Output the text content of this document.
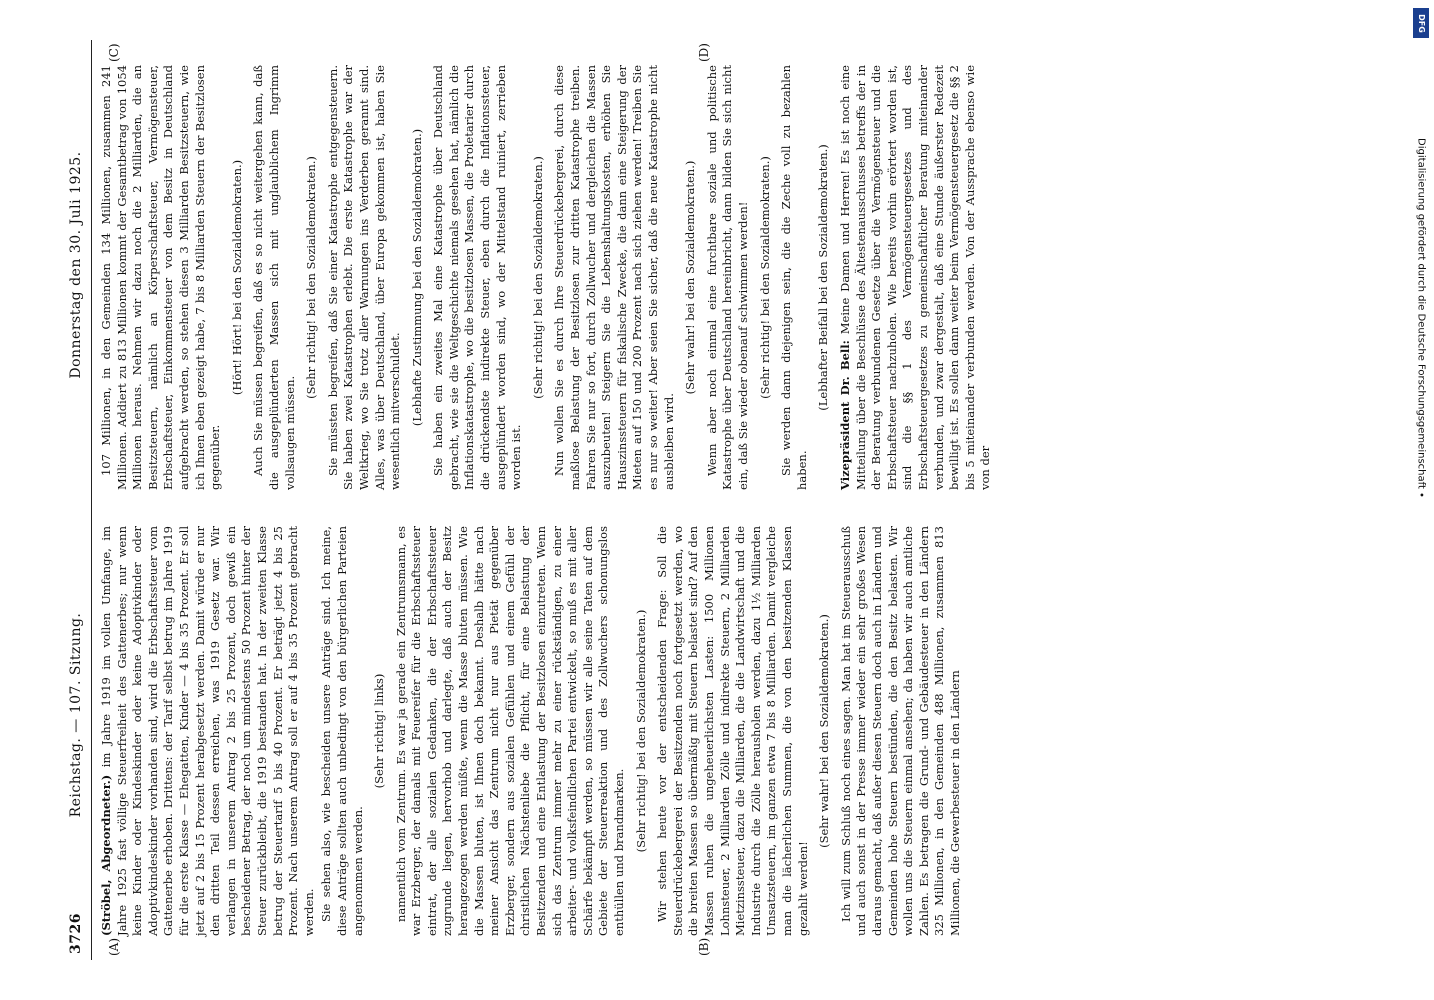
3726
Reichstag. — 107. Sitzung.
Donnerstag den 30. Juli 1925.
(A)	(B)
(C)	(D)

(Ströbel, Abgeordneter.) im Jahre 1919 im vollen Umfange, im Jahre 1925 fast völlige Steuerfreiheit des Gattenerbes; nur wenn keine Kinder oder Kindeskinder oder keine Adoptivkinder oder Adoptivkindeskinder vorhanden sind, wird die Erbschaftssteuer vom Gattenerbe erhoben. Drittens: der Tarif selbst betrug im Jahre 1919 für die erste Klasse — Ehegatten, Kinder — 4 bis 35 Prozent. Er soll jetzt auf 2 bis 15 Prozent herabgesetzt werden. Damit würde er nur den dritten Teil dessen erreichen, was 1919 Gesetz war. Wir verlangen in unserem Antrag 2 bis 25 Prozent, doch gewiß ein bescheidener Betrag, der noch um mindestens 50 Prozent hinter der Steuer zurückbleibt, die 1919 bestanden hat. In der zweiten Klasse betrug der Steuertarif 5 bis 40 Prozent. Er beträgt jetzt 4 bis 25 Prozent. Nach unserem Antrag soll er auf 4 bis 35 Prozent gebracht werden. Sie sehen also, wie bescheiden unsere Anträge sind. Ich meine, diese Anträge sollten auch unbedingt von den bürgerlichen Parteien angenommen werden.

(Sehr richtig! links) namentlich vom Zentrum. Es war ja gerade ein Zentrumsmann, es war Erzberger, der damals mit Feuereifer für die Erbschaftssteuer eintrat, der alle sozialen Gedanken, die der Erbschaftssteuer zugrunde liegen, hervorhob und darlegte, daß auch der Besitz herangezogen werden müßte, wenn die Masse bluten müssen. Wie die Massen bluten, ist Ihnen doch bekannt. Deshalb hätte nach meiner Ansicht das Zentrum nicht nur aus Pietät gegenüber Erzberger, sondern aus sozialen Gefühlen und einem Gefühl der christlichen Nächstenliebe die Pflicht, für eine Belastung der Besitzenden und eine Entlastung der Besitzlosen einzutreten. Wenn sich das Zentrum immer mehr zu einer rückständigen, zu einer arbeiter- und volksfeindlichen Partei entwickelt, so muß es mit aller Schärfe bekämpft werden, so müssen wir alle seine Taten auf dem Gebiete der Steuerreaktion und des Zollwuchers schonungslos enthüllen und brandmarken. (Sehr richtig! bei den Sozialdemokraten.) Wir stehen heute vor der entscheidenden Frage: Soll die Steuerdrückebergerei der Besitzenden noch fortgesetzt werden, wo die breiten Massen so übermäßig mit Steuern belastet sind? Auf den Massen ruhen die ungeheuerlichsten Lasten: 1500 Millionen Lohnsteuer, 2 Milliarden Zölle und indirekte Steuern, 2 Milliarden Mietzinssteuer, dazu die Milliarden, die die Landwirtschaft und die Industrie durch die Zölle herausholen werden, dazu 1½ Milliarden Umsatzsteuern, im ganzen etwa 7 bis 8 Milliarden. Damit vergleiche man die lächerlichen Summen, die von den besitzenden Klassen gezahlt werden!

(Sehr wahr! bei den Sozialdemokraten.) Ich will zum Schluß noch eines sagen. Man hat im Steuerausschuß und auch sonst in der Presse immer wieder ein sehr großes Wesen daraus gemacht, daß außer diesen Steuern doch auch in Ländern und Gemeinden hohe Steuern bestünden, die den Besitz belasten. Wir wollen uns die Steuern einmal ansehen; da haben wir auch amtliche Zahlen. Es betragen die Grund- und Gebäudesteuer in den Ländern 325 Millionen, in den Gemeinden 488 Millionen, zusammen 813 Millionen, die Gewerbesteuer in den Ländern

107 Millionen, in den Gemeinden 134 Millionen, zusammen 241 Millionen. Addiert zu 813 Millionen kommt der Gesamtbetrag von 1054 Millionen heraus. Nehmen wir dazu noch die 2 Milliarden, die an Besitzsteuern, nämlich an Körperschaftsteuer, Vermögensteuer, Erbschaftsteuer, Einkommensteuer von dem Besitz in Deutschland aufgebracht werden, so stehen diesen 3 Milliarden Besitzsteuern, wie ich Ihnen eben gezeigt habe, 7 bis 8 Milliarden Steuern der Besitzlosen gegenüber.

(Hört! Hört! bei den Sozialdemokraten.) Auch Sie müssen begreifen, daß es so nicht weitergehen kann, daß die ausgeplünderten Massen sich mit unglaublichem Ingrimm vollsaugen müssen.

(Sehr richtig! bei den Sozialdemokraten.) Sie müssten begreifen, daß Sie einer Katastrophe entgegensteuern. Sie haben zwei Katastrophen erlebt. Die erste Katastrophe war der Weltkrieg, wo Sie trotz aller Warnungen ins Verderben gerannt sind. Alles, was über Deutschland, über Europa gekommen ist, haben Sie wesentlich mitverschuldet. (Lebhafte Zustimmung bei den Sozialdemokraten.) Sie haben ein zweites Mal eine Katastrophe über Deutschland gebracht, wie sie die Weltgeschichte niemals gesehen hat, nämlich die Inflationskatastrophe, wo die besitzlosen Massen, die Proletarier durch die drückendste indirekte Steuer, eben durch die Inflationssteuer, ausgeplündert worden sind, wo der Mittelstand ruiniert, zerrieben worden ist.

(Sehr richtig! bei den Sozialdemokraten.) Nun wollen Sie es durch Ihre Steuerdrückebergerei, durch diese maßlose Belastung der Besitzlosen zur dritten Katastrophe treiben. Fahren Sie nur so fort, durch Zollwucher und dergleichen die Massen auszubeuten! Steigern Sie die Lebenshaltungskosten, erhöhen Sie Hauszinssteuern für fiskalische Zwecke, die dann eine Steigerung der Mieten auf 150 und 200 Prozent nach sich ziehen werden! Treiben Sie es nur so weiter! Aber seien Sie sicher, daß die neue Katastrophe nicht ausbleiben wird.

(Sehr wahr! bei den Sozialdemokraten.) Wenn aber noch einmal eine furchtbare soziale und politische Katastrophe über Deutschland hereinbricht, dann bilden Sie sich nicht ein, daß Sie wieder obenauf schwimmen werden! (Sehr richtig! bei den Sozialdemokraten.) Sie werden dann diejenigen sein, die die Zeche voll zu bezahlen haben.

(Lebhafter Beifall bei den Sozialdemokraten.)

Vizepräsident Dr. Bell: Meine Damen und Herren! Es ist noch eine Mitteilung über die Beschlüsse des Ältestenausschusses betreffs der in der Beratung verbundenen Gesetze über die Vermögensteuer und die Erbschaftsteuer nachzuholen. Wie bereits vorhin erörtert worden ist, sind die §§ 1 des Vermögensteuergesetzes und des Erbschaftsteuergesetzes zu gemeinschaftlicher Beratung miteinander verbunden, und zwar dergestalt, daß eine Stunde äußerster Redezeit bewilligt ist. Es sollen dann weiter beim Vermögensteuergesetz die §§ 2 bis 5 miteinander verbunden werden. Von der Aussprache ebenso wie von der

DFG
Digitalisierung gefördert durch die Deutsche Forschungsgemeinschaft •
